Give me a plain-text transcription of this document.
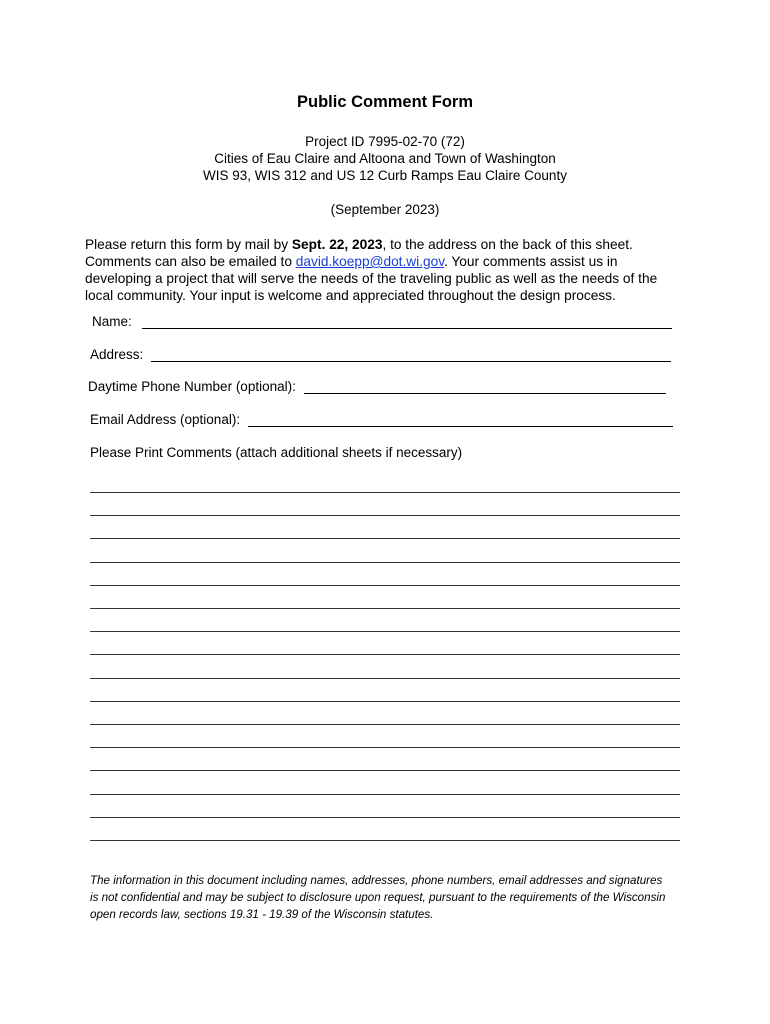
Public Comment Form
Project ID 7995-02-70 (72)
Cities of Eau Claire and Altoona and Town of Washington
WIS 93, WIS 312 and US 12 Curb Ramps Eau Claire County
(September 2023)
Please return this form by mail by Sept. 22, 2023, to the address on the back of this sheet. Comments can also be emailed to david.koepp@dot.wi.gov. Your comments assist us in developing a project that will serve the needs of the traveling public as well as the needs of the local community. Your input is welcome and appreciated throughout the design process.
Name:
Address:
Daytime Phone Number (optional):
Email Address (optional):
Please Print Comments (attach additional sheets if necessary)
The information in this document including names, addresses, phone numbers, email addresses and signatures is not confidential and may be subject to disclosure upon request, pursuant to the requirements of the Wisconsin open records law, sections 19.31 - 19.39 of the Wisconsin statutes.
